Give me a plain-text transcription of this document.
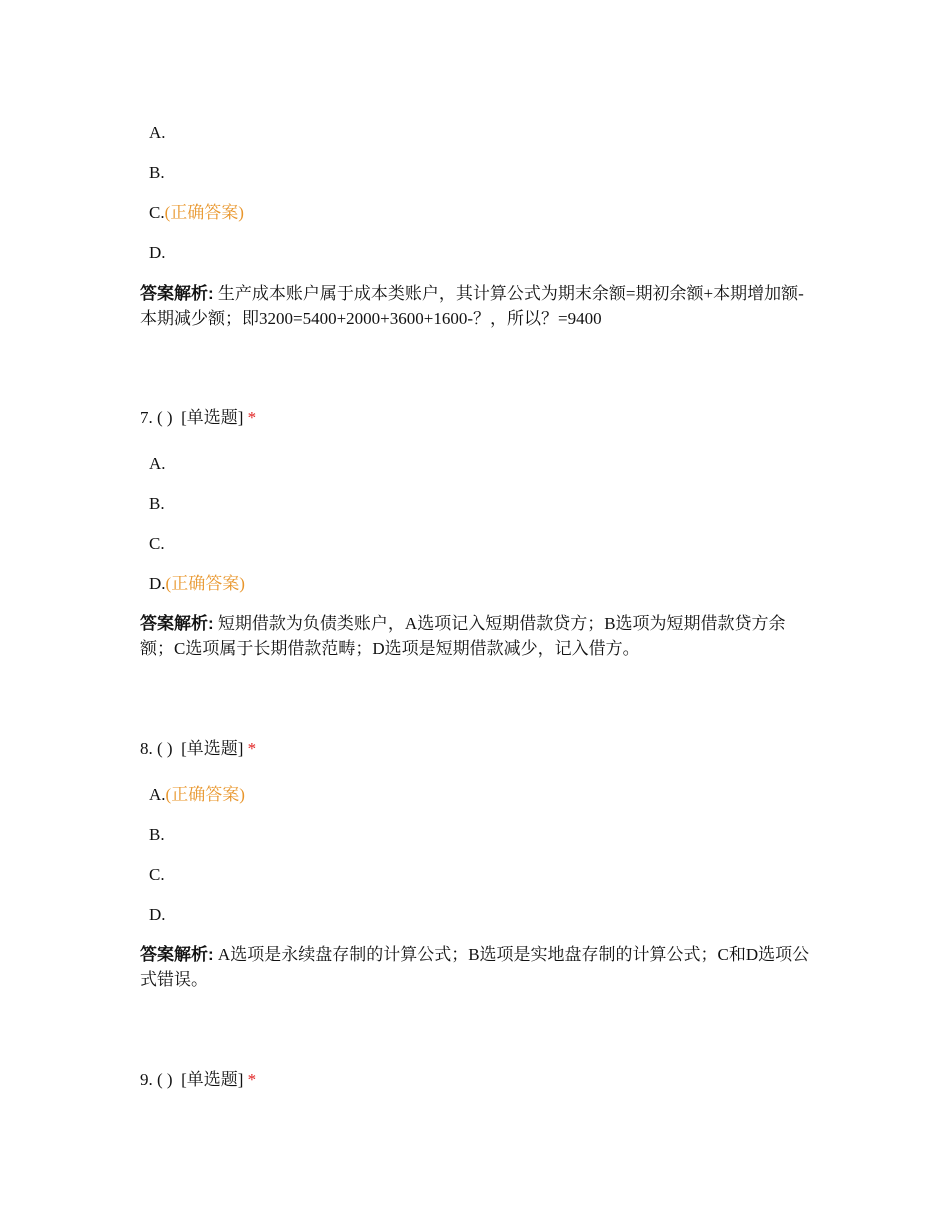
A.
B.
C.(正确答案)
D.
答案解析: 生产成本账户属于成本类账户，其计算公式为期末余额=期初余额+本期增加额-本期减少额；即3200=5400+2000+3600+1600-？，所以？=9400
7. ( ) [单选题] *
A.
B.
C.
D.(正确答案)
答案解析: 短期借款为负债类账户，A选项记入短期借款贷方；B选项为短期借款贷方余额；C选项属于长期借款范畴；D选项是短期借款减少，记入借方。
8. ( ) [单选题] *
A.(正确答案)
B.
C.
D.
答案解析: A选项是永续盘存制的计算公式；B选项是实地盘存制的计算公式；C和D选项公式错误。
9. ( ) [单选题] *
